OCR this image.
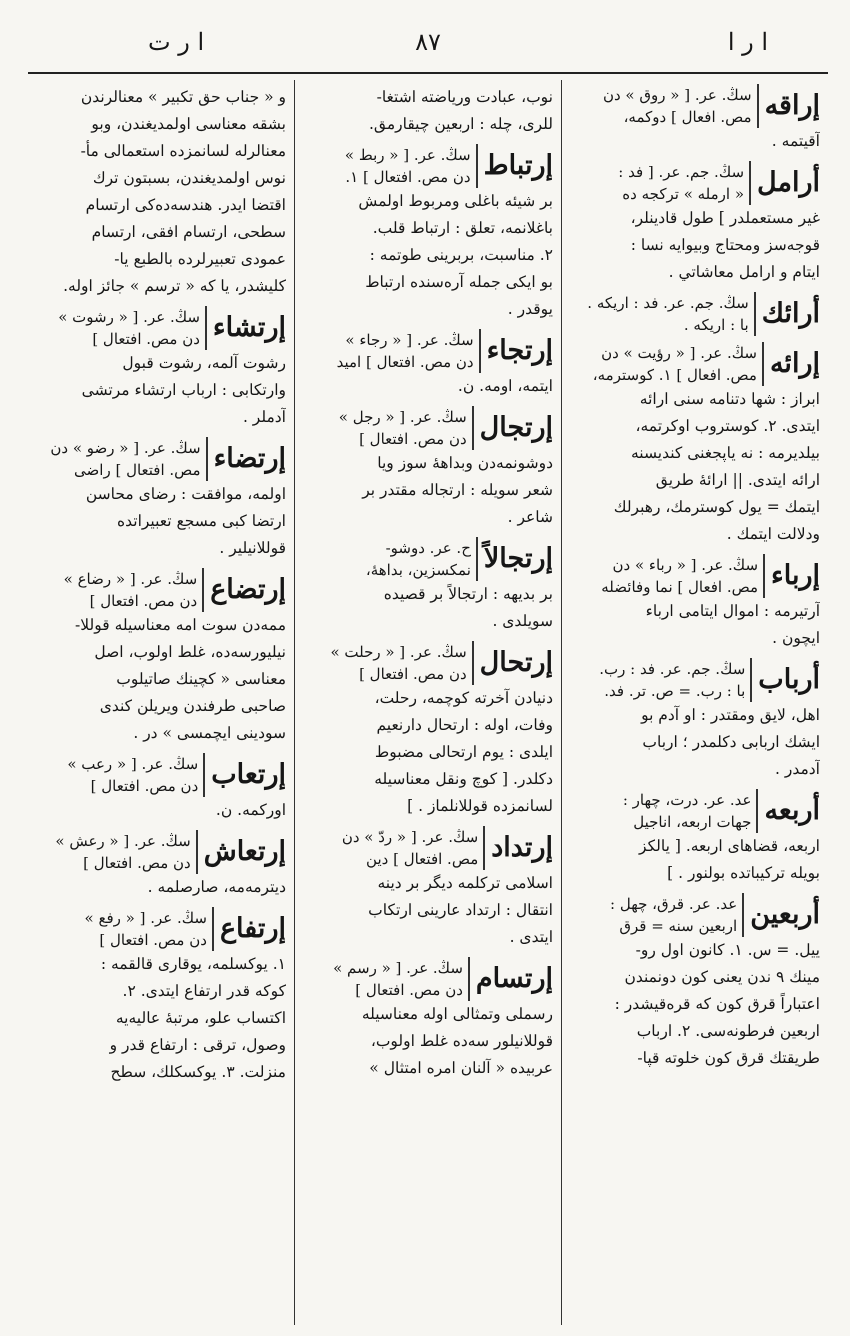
ا ر ت	٨٧	ا ر ا
إراقه
سڭ. عر. [ « روق » دن
مص. افعال ] دوكمه،
آقيتمه .
أرامل
سڭ. جم. عر. [ فد :
« ارمله » تركجه ده
غير مستعملدر ] طول قادينلر،
قوجه‌سز ومحتاج وبيوايه نسا :
ايتام و ارامل معاشاتي .
أرائك
سڭ. جم. عر. فد : اريكه .
با : اريكه .
إرائه
سڭ. عر. [ « رؤيت » دن
مص. افعال ] ١. كوسترمه،
ابراز : شها دتنامه سنى ارائه
ايتدى. ٢. كوستروب اوكرتمه،
بيلديرمه : نه يا‌پجغنى كنديسنه
ارائه ايتدى. || ارائهٔ طريق
ايتمك = يول كوسترمك، رهبرلك
ودلالت ايتمك .
إرباء
سڭ. عر. [ « رباء » دن
مص. افعال ] نما وفائضله
آرتيرمه : اموال ايتامى ارباء
ايچون .
أرباب
سڭ. جم. عر. فد : رب.
با : رب. = ص. تر. فد.
اهل، لايق ومقتدر : او آدم بو
ايشك اربابى دكلمدر ؛ ارباب
آدمدر .
أربعه
عد. عر. درت، چهار :
جهات اربعه، اناجيل
اربعه، قضاهاى اربعه. [ يالكز
بويله تركيباتده بولنور . ]
أربعين
عد. عر. قرق، چهل :
اربعين سنه = قرق
ييل. = س. ١. كانون اول رو-
مينك ٩ ندن يعنى كون دونمندن
اعتباراً قرق كون كه قره‌قيشدر :
اربعين فرطونه‌سى. ٢. ارباب
طريقتك قرق كون خلوته قپا-
نوب، عبادت ورياضته اشتغا-
للرى، چله : اربعين چيقارمق.
إرتباط
سڭ. عر. [ « ربط »
دن مص. افتعال ] ١.
بر شيئه باغلى ومربوط اولمش
باغلانمه، تعلق : ارتباط قلب.
٢. مناسبت، بربرينى طوتمه :
بو ايكى جمله آره‌سنده ارتباط
يوقدر .
إرتجاء
سڭ. عر. [ « رجاء »
دن مص. افتعال ] اميد
ايتمه، اومه. ن.
إرتجال
سڭ. عر. [ « رجل »
دن مص. افتعال ]
دوشونمه‌دن وبداههٔ سوز ويا
شعر سويله : ارتجاله مقتدر بر
شاعر .
إرتجالاً
ح. عر. دوشو-
نمكسزين، بداههٔ،
بر بديهه : ارتجالاً بر قصيده
سويلدى .
إرتحال
سڭ. عر. [ « رحلت »
دن مص. افتعال ]
دنيادن آخرته كوچمه، رحلت،
وفات، اوله : ارتحال دارنعيم
ايلدى : يوم ارتحالى مضبوط
دكلدر. [ كوچ ونقل معناسيله
لسانمزده قوللانلماز . ]
إرتداد
سڭ. عر. [ « ردّ » دن
مص. افتعال ] دين
اسلامى تركلمه دیگر بر دينه
انتقال : ارتداد عارينى ارتكاب
ايتدى .
إرتسام
سڭ. عر. [ « رسم »
دن مص. افتعال ]
رسملى وتمثالى اوله معناسيله
قوللانيلور سه‌ده غلط اولوب،
عربيده « آلنان امره امتثال »
و « جناب حق تكبير » معنالرندن
بشقه معناسى اولمديغندن، وبو
معنالرله لسانمزده استعمالى مأ-
نوس اولمديغندن، بسبتون ترك
اقتضا ايدر. هندسه‌ده‌كى ارتسام
سطحى، ارتسام افقى، ارتسام
عمودى تعبيرلرده بالطبع يا-
كليشدر، يا كه « ترسم » جائز اوله.
إرتشاء
سڭ. عر. [ « رشوت »
دن مص. افتعال ]
رشوت آلمه، رشوت قبول
وارتكابى : ارباب ارتشاء مرتشى
آدملر .
إرتضاء
سڭ. عر. [ « رضو » دن
مص. افتعال ] راضى
اولمه، موافقت : رضاى محاسن
ارتضا كبى مسجع تعبيراتده
قوللانيلير .
إرتضاع
سڭ. عر. [ « رضاع »
دن مص. افتعال ]
ممه‌دن سوت امه معناسيله قوللا-
نيليورسه‌ده، غلط اولوب، اصل
معناسى « كچينك صاتيلوب
صاحبى طرفندن ويريلن كندى
سودينى ايچمسى » در .
إرتعاب
سڭ. عر. [ « رعب »
دن مص. افتعال ]
اوركمه. ن.
إرتعاش
سڭ. عر. [ « رعش »
دن مص. افتعال ]
ديترمه‌مه، صارصلمه .
إرتفاع
سڭ. عر. [ « رفع »
دن مص. افتعال ]
١. يوكسلمه، يوقارى قالقمه :
كوكه قدر ارتفاع ايتدى. ٢.
اكتساب علو، مرتبهٔ عاليه‌يه
وصول، ترقى : ارتفاع قدر و
منزلت. ٣. يوكسكلك، سطح
